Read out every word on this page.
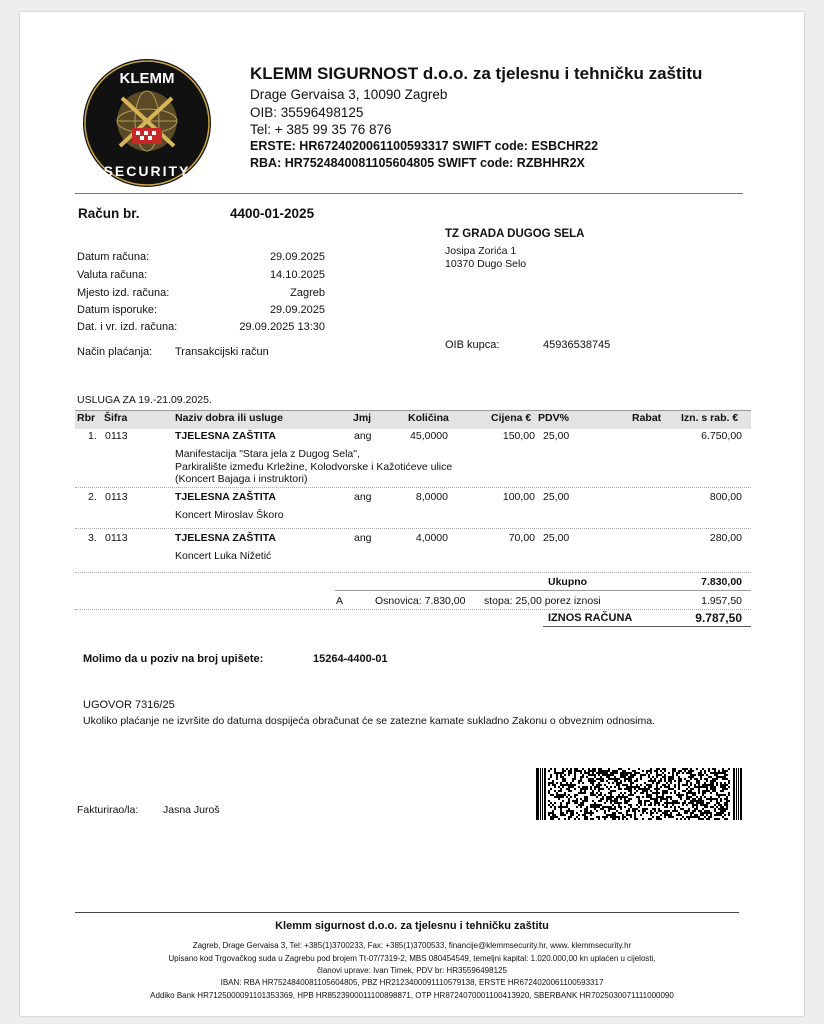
KLEMM
SECURITY
KLEMM SIGURNOST d.o.o. za tjelesnu i tehničku zaštitu
Drage Gervaisa 3, 10090 Zagreb
OIB: 35596498125
Tel: + 385 99 35 76 876
ERSTE: HR6724020061100593317 SWIFT code: ESBCHR22
RBA: HR7524840081105604805 SWIFT code: RZBHHR2X
Račun br.	4400-01-2025
Datum računa:	29.09.2025
Valuta računa:	14.10.2025
Mjesto izd. računa:	Zagreb
Datum isporuke:	29.09.2025
Dat. i vr. izd. računa:	29.09.2025 13:30
Način plaćanja: Transakcijski račun
TZ GRADA DUGOG SELA
Josipa Zorića 1
10370 Dugo Selo
OIB kupca:	45936538745
USLUGA ZA 19.-21.09.2025.
Rbr Šifra	Naziv dobra ili usluge	Jmj	Količina	Cijena € PDV%	Rabat Izn. s rab. €
1. 0113	TJELESNA ZAŠTITA	ang	45,0000	150,00 25,00	6.750,00
Manifestacija "Stara jela z Dugog Sela",
Parkiralište između Krležine, Kolodvorske i Kažotićeve ulice
(Koncert Bajaga i instruktori)
2. 0113	TJELESNA ZAŠTITA	ang	8,0000	100,00 25,00	800,00
Koncert Miroslav Škoro
3. 0113	TJELESNA ZAŠTITA	ang	4,0000	70,00 25,00	280,00
Koncert Luka Nižetić
Ukupno	7.830,00
A	Osnovica: 7.830,00 stopa: 25,00 porez iznosi	1.957,50
IZNOS RAČUNA	9.787,50
Molimo da u poziv na broj upišete:	15264-4400-01
UGOVOR 7316/25
Ukoliko plaćanje ne izvršite do datuma dospijeća obračunat će se zatezne kamate sukladno Zakonu o obveznim odnosima.
Fakturirao/la: Jasna Juroš
Klemm sigurnost d.o.o. za tjelesnu i tehničku zaštitu
Zagreb, Drage Gervaisa 3, Tel: +385(1)3700233, Fax: +385(1)3700533, financije@klemmsecurity.hr, www. klemmsecurity.hr
Upisano kod Trgovačkog suda u Zagrebu pod brojem Tt-07/7319-2, MBS 080454549, temeljni kapital: 1.020.000,00 kn uplaćen u cijelosti,
članovi uprave: Ivan Timek, PDV br: HR35596498125
IBAN: RBA HR7524840081105604805, PBZ HR2123400091110579138, ERSTE HR6724020061100593317
Addiko Bank HR7125000091101353369, HPB HR8523900011100898871, OTP HR8724070001100413920, SBERBANK HR7025030071111000090
